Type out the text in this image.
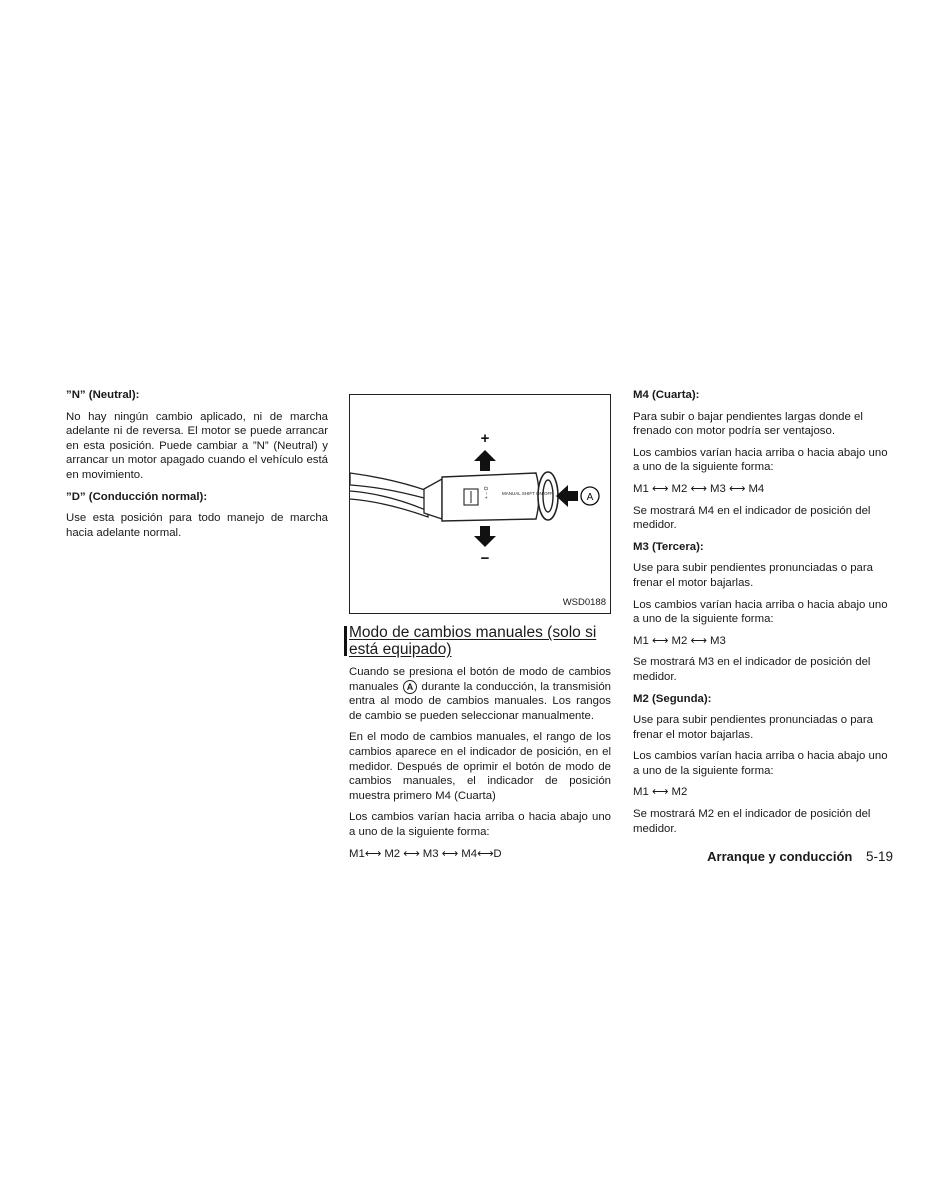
”N” (Neutral):

No hay ningún cambio aplicado, ni de marcha adelante ni de reversa. El motor se puede arrancar en esta posición. Puede cambiar a ”N” (Neutral) y arrancar un motor apagado cuando el vehículo está en movimiento.

”D” (Conducción normal):

Use esta posición para todo manejo de marcha hacia adelante normal.

+ − O	MANUAL SHIFT ON/OFF
+
−
A
WSD0188
Modo de cambios manuales (solo si está equipado)

Cuando se presiona el botón de modo de cambios manuales A durante la conducción, la transmisión entra al modo de cambios manuales. Los rangos de cambio se pueden seleccionar manualmente.

En el modo de cambios manuales, el rango de los cambios aparece en el indicador de posición, en el medidor. Después de oprimir el botón de modo de cambios manuales, el indicador de posición muestra primero M4 (Cuarta)

Los cambios varían hacia arriba o hacia abajo uno a uno de la siguiente forma:

M1⟷ M2 ⟷ M3 ⟷ M4⟷D

M4 (Cuarta):

Para subir o bajar pendientes largas donde el frenado con motor podría ser ventajoso.

Los cambios varían hacia arriba o hacia abajo uno a uno de la siguiente forma:

M1 ⟷ M2 ⟷ M3 ⟷ M4

Se mostrará M4 en el indicador de posición del medidor.

M3 (Tercera):

Use para subir pendientes pronunciadas o para frenar el motor bajarlas.

Los cambios varían hacia arriba o hacia abajo uno a uno de la siguiente forma:

M1 ⟷ M2 ⟷ M3

Se mostrará M3 en el indicador de posición del medidor.

M2 (Segunda):

Use para subir pendientes pronunciadas o para frenar el motor bajarlas.

Los cambios varían hacia arriba o hacia abajo uno a uno de la siguiente forma:

M1 ⟷ M2

Se mostrará M2 en el indicador de posición del medidor.

Arranque y conducción 5-19
